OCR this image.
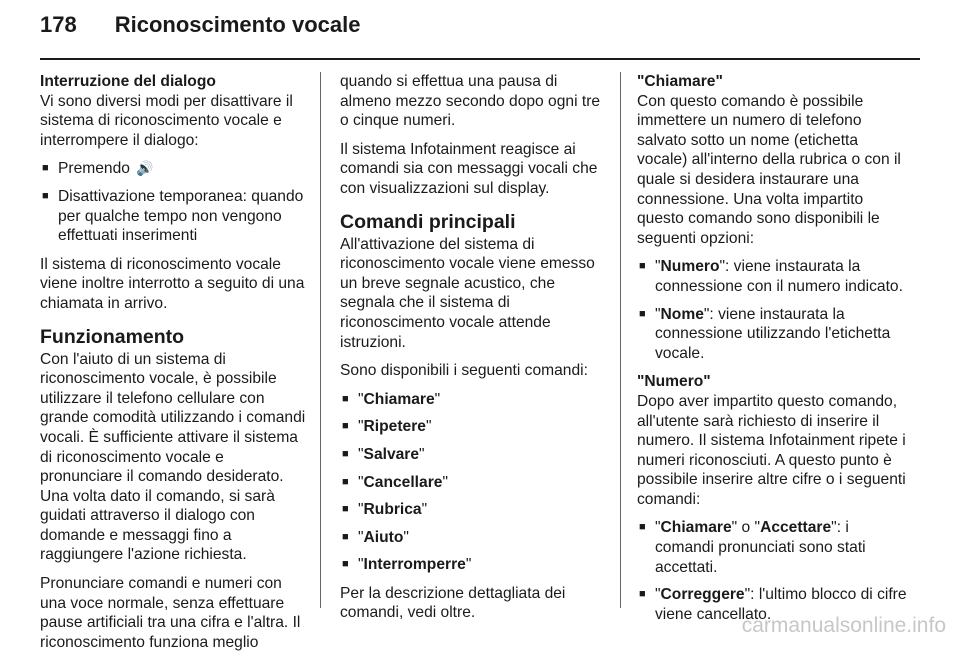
178 Riconoscimento vocale

Interruzione del dialogo

Vi sono diversi modi per disattivare il sistema di riconoscimento vocale e interrompere il dialogo:

■ Premendo 🔊
■ Disattivazione temporanea: quando per qualche tempo non vengono effettuati inserimenti

Il sistema di riconoscimento vocale viene inoltre interrotto a seguito di una chiamata in arrivo.

Funzionamento

Con l'aiuto di un sistema di riconoscimento vocale, è possibile utilizzare il telefono cellulare con grande comodità utilizzando i comandi vocali. È sufficiente attivare il sistema di riconoscimento vocale e pronunciare il comando desiderato. Una volta dato il comando, si sarà guidati attraverso il dialogo con domande e messaggi fino a raggiungere l'azione richiesta.

Pronunciare comandi e numeri con una voce normale, senza effettuare pause artificiali tra una cifra e l'altra. Il riconoscimento funziona meglio

quando si effettua una pausa di almeno mezzo secondo dopo ogni tre o cinque numeri.

Il sistema Infotainment reagisce ai comandi sia con messaggi vocali che con visualizzazioni sul display.

Comandi principali

All'attivazione del sistema di riconoscimento vocale viene emesso un breve segnale acustico, che segnala che il sistema di riconoscimento vocale attende istruzioni.

Sono disponibili i seguenti comandi:

■ "Chiamare"
■ "Ripetere"
■ "Salvare"
■ "Cancellare"
■ "Rubrica"
■ "Aiuto"
■ "Interromperre"

Per la descrizione dettagliata dei comandi, vedi oltre.

"Chiamare"

Con questo comando è possibile immettere un numero di telefono salvato sotto un nome (etichetta vocale) all'interno della rubrica o con il quale si desidera instaurare una connessione. Una volta impartito questo comando sono disponibili le seguenti opzioni:

■ "Numero": viene instaurata la connessione con il numero indicato.
■ "Nome": viene instaurata la connessione utilizzando l'etichetta vocale.

"Numero"

Dopo aver impartito questo comando, all'utente sarà richiesto di inserire il numero. Il sistema Infotainment ripete i numeri riconosciuti. A questo punto è possibile inserire altre cifre o i seguenti comandi:

■ "Chiamare" o "Accettare": i comandi pronunciati sono stati accettati.
■ "Correggere": l'ultimo blocco di cifre viene cancellato.
carmanualsonline.info
